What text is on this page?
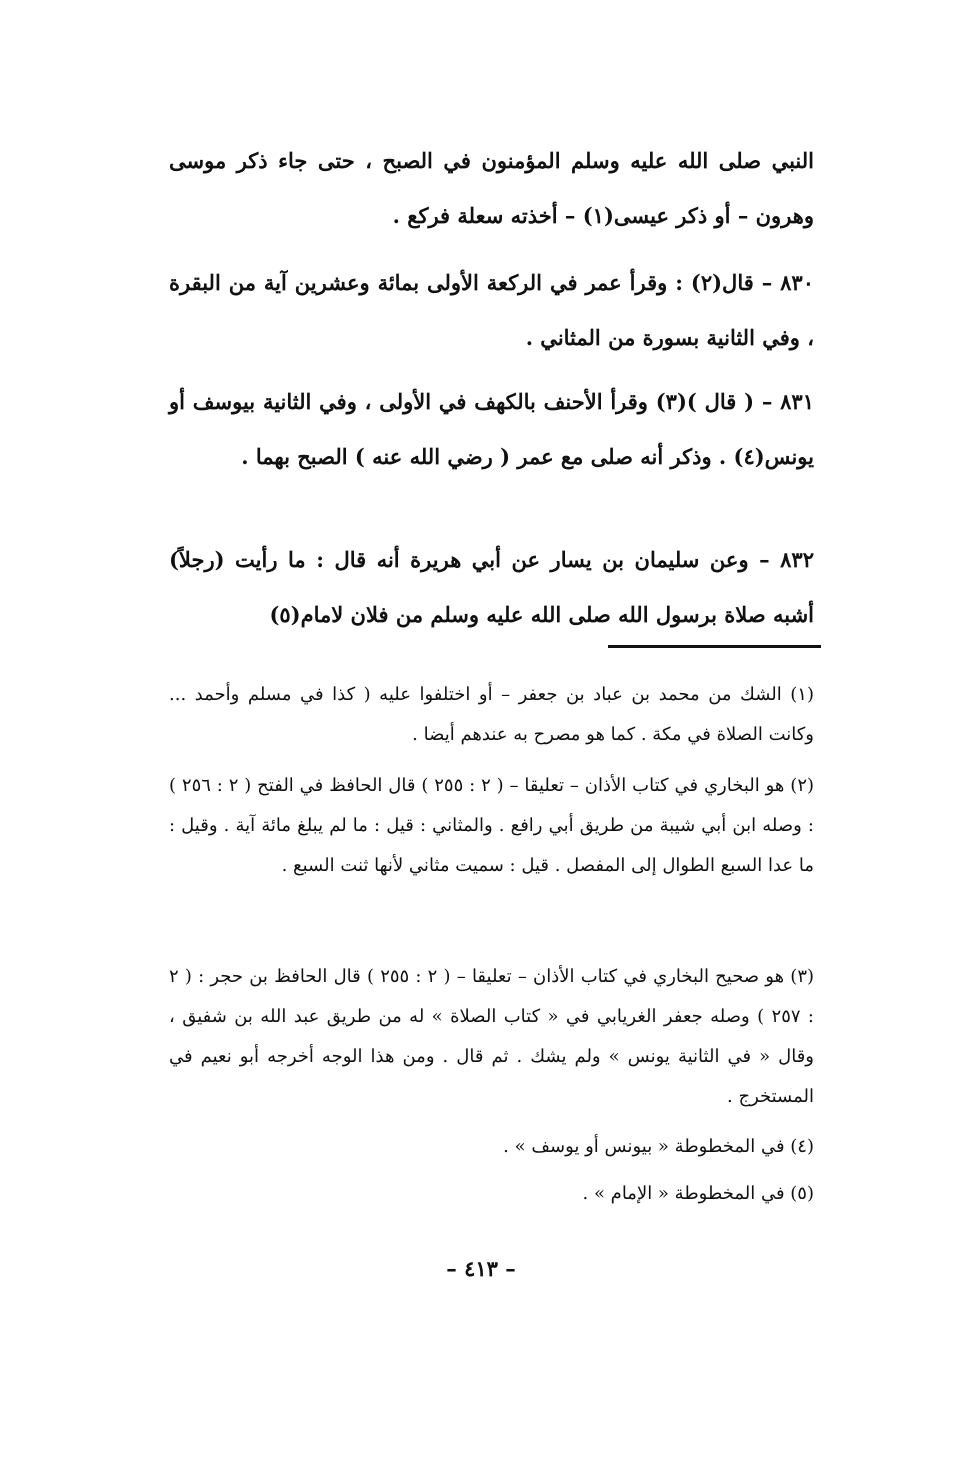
النبي صلى الله عليه وسلم المؤمنون في الصبح ، حتى جاء ذكر موسى وهرون – أو ذكر عيسى(١) – أخذته سعلة فركع .
٨٣٠ – قال(٢) : وقرأ عمر في الركعة الأولى بمائة وعشرين آية من البقرة ، وفي الثانية بسورة من المثاني .
٨٣١ – ( قال )(٣) وقرأ الأحنف بالكهف في الأولى ، وفي الثانية بيوسف أو يونس(٤) . وذكر أنه صلى مع عمر ( رضي الله عنه ) الصبح بهما .
٨٣٢ – وعن سليمان بن يسار عن أبي هريرة أنه قال : ما رأيت (رجلاً) أشبه صلاة برسول الله صلى الله عليه وسلم من فلان لامام(٥)
(١) الشك من محمد بن عباد بن جعفر – أو اختلفوا عليه ( كذا في مسلم وأحمد ... وكانت الصلاة في مكة . كما هو مصرح به عندهم أيضا .
(٢) هو البخاري في كتاب الأذان – تعليقا – ( ٢ : ٢٥٥ ) قال الحافظ في الفتح ( ٢ : ٢٥٦ ) : وصله ابن أبي شيبة من طريق أبي رافع . والمثاني : قيل : ما لم يبلغ مائة آية . وقيل : ما عدا السبع الطوال إلى المفصل . قيل : سميت مثاني لأنها ثنت السبع .
(٣) هو صحيح البخاري في كتاب الأذان – تعليقا – ( ٢ : ٢٥٥ ) قال الحافظ بن حجر : ( ٢ : ٢٥٧ ) وصله جعفر الغريابي في « كتاب الصلاة » له من طريق عبد الله بن شفيق ، وقال « في الثانية يونس » ولم يشك . ثم قال . ومن هذا الوجه أخرجه أبو نعيم في المستخرج .
(٤) في المخطوطة « بيونس أو يوسف » .
(٥) في المخطوطة « الإمام » .
– ٤١٣ –
